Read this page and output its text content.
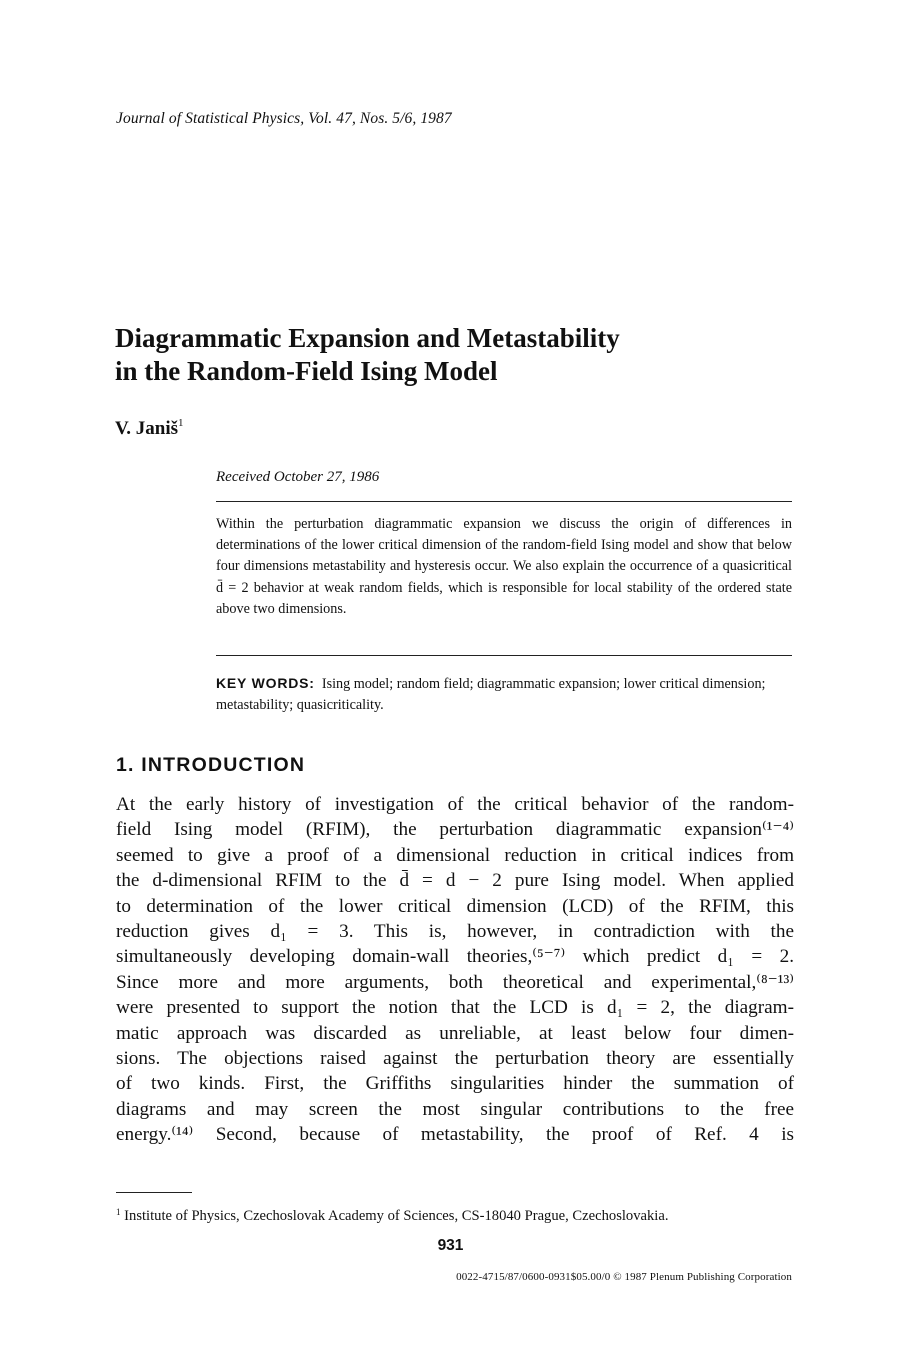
Journal of Statistical Physics, Vol. 47, Nos. 5/6, 1987
Diagrammatic Expansion and Metastability
in the Random-Field Ising Model
V. Janiš$^1$
Received October 27, 1986
Within the perturbation diagrammatic expansion we discuss the origin of differences in determinations of the lower critical dimension of the random-field Ising model and show that below four dimensions metastability and hysteresis occur. We also explain the occurrence of a quasicritical d̄ = 2 behavior at weak random fields, which is responsible for local stability of the ordered state above two dimensions.
KEY WORDS: Ising model; random field; diagrammatic expansion; lower critical dimension; metastability; quasicriticality.
1. INTRODUCTION
At the early history of investigation of the critical behavior of the random-
field Ising model (RFIM), the perturbation diagrammatic expansion⁽¹⁻⁴⁾
seemed to give a proof of a dimensional reduction in critical indices from
the d-dimensional RFIM to the d̄ = d − 2 pure Ising model. When applied
to determination of the lower critical dimension (LCD) of the RFIM, this
reduction gives d₁ = 3. This is, however, in contradiction with the
simultaneously developing domain-wall theories,⁽⁵⁻⁷⁾ which predict d₁ = 2.
Since more and more arguments, both theoretical and experimental,⁽⁸⁻¹³⁾
were presented to support the notion that the LCD is d₁ = 2, the diagram-
matic approach was discarded as unreliable, at least below four dimen-
sions. The objections raised against the perturbation theory are essentially
of two kinds. First, the Griffiths singularities hinder the summation of
diagrams and may screen the most singular contributions to the free
energy.⁽¹⁴⁾ Second, because of metastability, the proof of Ref. 4 is
$^1$ Institute of Physics, Czechoslovak Academy of Sciences, CS-18040 Prague, Czechoslovakia.
931
0022-4715/87/0600-0931$05.00/0 © 1987 Plenum Publishing Corporation
